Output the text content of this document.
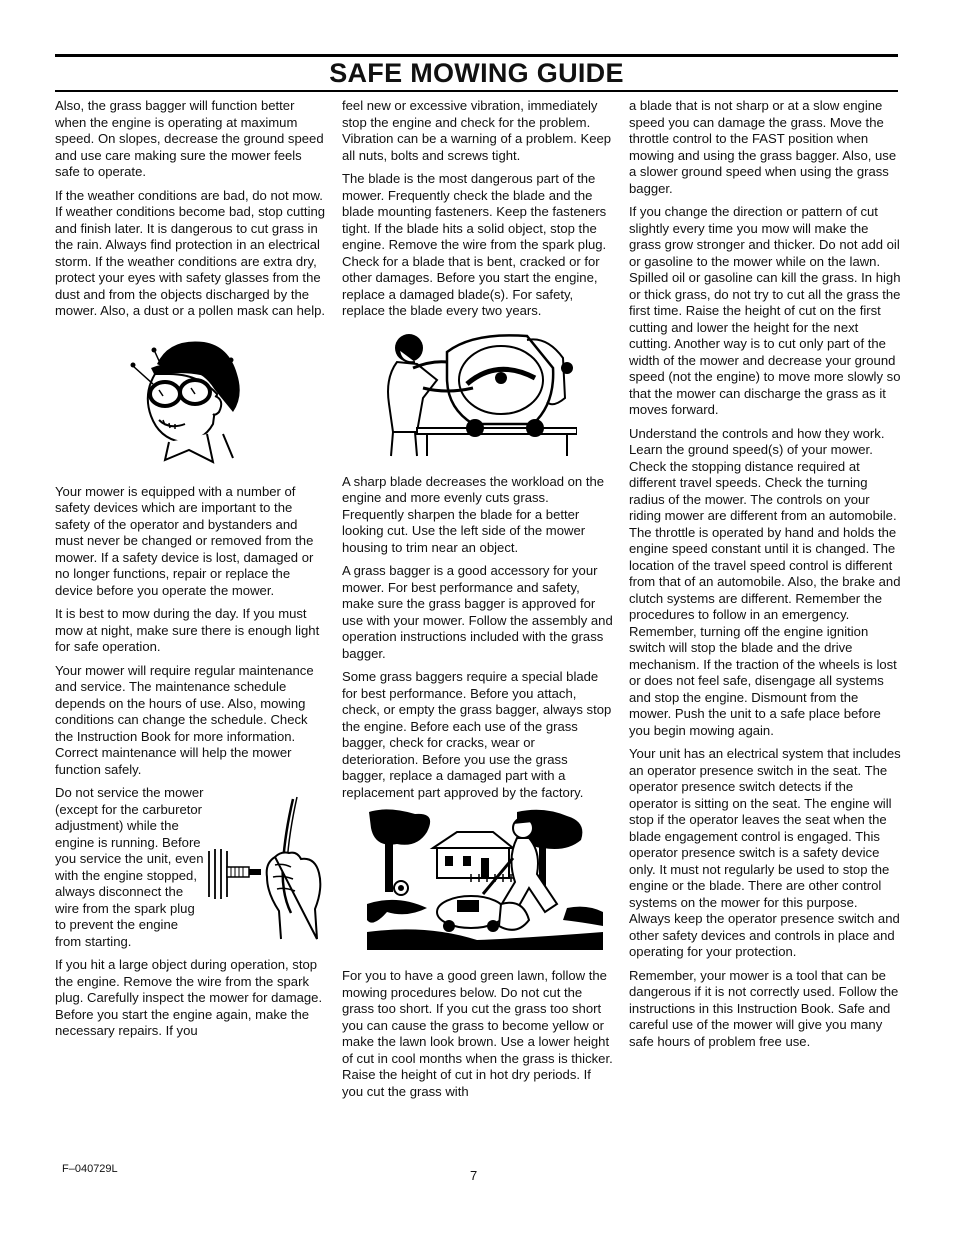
SAFE MOWING GUIDE

Also, the grass bagger will function better when the engine is operating at maximum speed. On slopes, decrease the ground speed and use care making sure the mower feels safe to operate.

If the weather conditions are bad, do not mow. If weather conditions become bad, stop cutting and finish later. It is dangerous to cut grass in the rain. Always find protection in an electrical storm. If the weather conditions are extra dry, protect your eyes with safety glasses from the dust and from the objects discharged by the mower. Also, a dust or a pollen mask can help.

Your mower is equipped with a number of safety devices which are important to the safety of the operator and bystanders and must never be changed or removed from the mower. If a safety device is lost, damaged or no longer functions, repair or replace the device before you operate the mower.

It is best to mow during the day. If you must mow at night, make sure there is enough light for safe operation.

Your mower will require regular maintenance and service. The maintenance schedule depends on the hours of use. Also, mowing conditions can change the schedule. Check the Instruction Book for more information. Correct maintenance will help the mower function safely.

Do not service the mower (except for the carburetor adjustment) while the engine is running. Before you service the unit, even with the engine stopped, always disconnect the wire from the spark plug to prevent the engine from starting.

If you hit a large object during operation, stop the engine. Remove the wire from the spark plug. Carefully inspect the mower for damage. Before you start the engine again, make the necessary repairs. If you

feel new or excessive vibration, immediately stop the engine and check for the problem. Vibration can be a warning of a problem. Keep all nuts, bolts and screws tight.

The blade is the most dangerous part of the mower. Frequently check the blade and the blade mounting fasteners. Keep the fasteners tight. If the blade hits a solid object, stop the engine. Remove the wire from the spark plug. Check for a blade that is bent, cracked or for other damages. Before you start the engine, replace a damaged blade(s). For safety, replace the blade every two years.

A sharp blade decreases the workload on the engine and more evenly cuts grass. Frequently sharpen the blade for a better looking cut. Use the left side of the mower housing to trim near an object.

A grass bagger is a good accessory for your mower. For best performance and safety, make sure the grass bagger is approved for use with your mower. Follow the assembly and operation instructions included with the grass bagger.

Some grass baggers require a special blade for best performance. Before you attach, check, or empty the grass bagger, always stop the engine. Before each use of the grass bagger, check for cracks, wear or deterioration. Before you use the grass bagger, replace a damaged part with a replacement part approved by the factory.

For you to have a good green lawn, follow the mowing procedures below. Do not cut the grass too short. If you cut the grass too short you can cause the grass to become yellow or make the lawn look brown. Use a lower height of cut in cool months when the grass is thicker. Raise the height of cut in hot dry periods. If you cut the grass with

a blade that is not sharp or at a slow engine speed you can damage the grass. Move the throttle control to the FAST position when mowing and using the grass bagger. Also, use a slower ground speed when using the grass bagger.

If you change the direction or pattern of cut slightly every time you mow will make the grass grow stronger and thicker. Do not add oil or gasoline to the mower while on the lawn. Spilled oil or gasoline can kill the grass. In high or thick grass, do not try to cut all the grass the first time. Raise the height of cut on the first cutting and lower the height for the next cutting. Another way is to cut only part of the width of the mower and decrease your ground speed (not the engine) to move more slowly so that the mower can discharge the grass as it moves forward.

Understand the controls and how they work. Learn the ground speed(s) of your mower. Check the stopping distance required at different travel speeds. Check the turning radius of the mower. The controls on your riding mower are different from an automobile. The throttle is operated by hand and holds the engine speed constant until it is changed. The location of the travel speed control is different from that of an automobile. Also, the brake and clutch systems are different. Remember the procedures to follow in an emergency. Remember, turning off the engine ignition switch will stop the blade and the drive mechanism. If the traction of the wheels is lost or does not feel safe, disengage all systems and stop the engine. Dismount from the mower. Push the unit to a safe place before you begin mowing again.

Your unit has an electrical system that includes an operator presence switch in the seat. The operator presence switch detects if the operator is sitting on the seat. The engine will stop if the operator leaves the seat when the blade engagement control is engaged. This operator presence switch is a safety device only. It must not regularly be used to stop the engine or the blade. There are other control systems on the mower for this purpose. Always keep the operator presence switch and other safety devices and controls in place and operating for your protection.

Remember, your mower is a tool that can be dangerous if it is not correctly used. Follow the instructions in this Instruction Book. Safe and careful use of the mower will give you many safe hours of problem free use.

F–040729L	7
